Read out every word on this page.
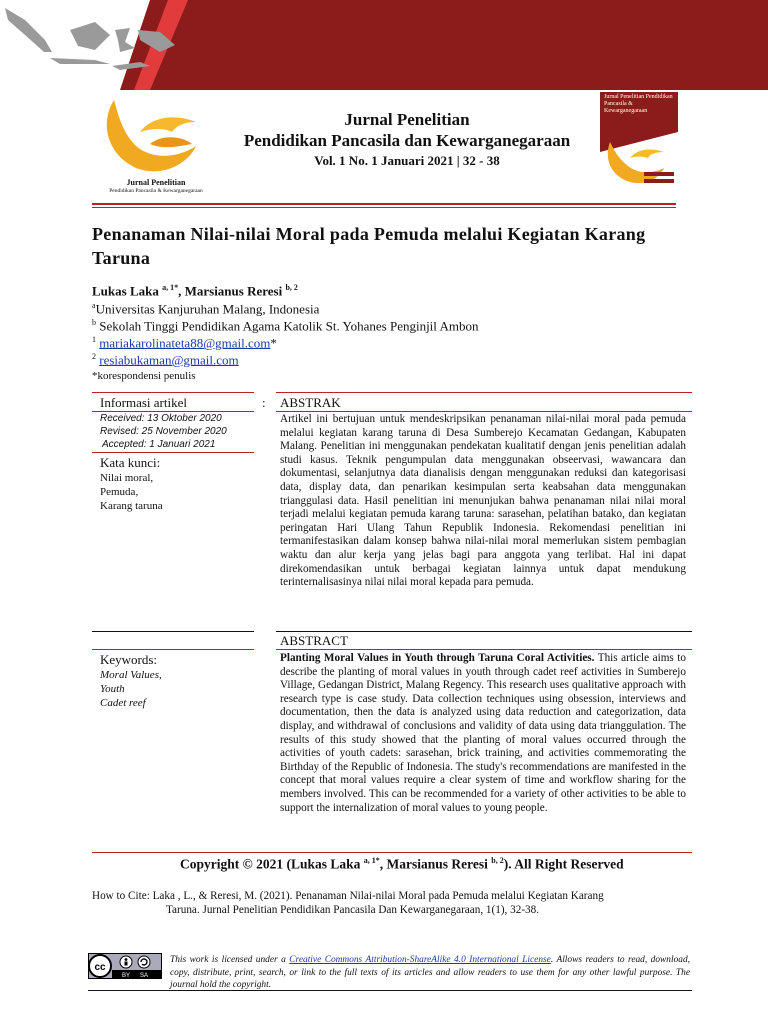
Jurnal Penelitian
Pendidikan Pancasila & Kewarganegaraan
Jurnal Penelitian
Pendidikan Pancasila dan Kewarganegaraan
Vol. 1 No. 1 Januari 2021 | 32 - 38
Jurnal Penelitian Pendidikan Pancasila & Kewarganegaraan
Penanaman Nilai-nilai Moral pada Pemuda melalui Kegiatan Karang Taruna
Lukas Laka $^{a, 1*}$, Marsianus Reresi $^{b, 2}$
$^a$Universitas Kanjuruhan Malang, Indonesia
$^b$ Sekolah Tinggi Pendidikan Agama Katolik St. Yohanes Penginjil Ambon
$^1$ mariakarolinateta88@gmail.com*
$^2$ resiabukaman@gmail.com
*korespondensi penulis
Informasi artikel	: ABSTRAK
Received: 13 Oktober 2020
Revised: 25 November 2020
Accepted: 1 Januari 2021
Kata kunci:
Nilai moral,
Pemuda,
Karang taruna
Artikel ini bertujuan untuk mendeskripsikan penanaman nilai-nilai moral pada pemuda melalui kegiatan karang taruna di Desa Sumberejo Kecamatan Gedangan, Kabupaten Malang. Penelitian ini menggunakan pendekatan kualitatif dengan jenis penelitian adalah studi kasus. Teknik pengumpulan data menggunakan obseervasi, wawancara dan dokumentasi, selanjutnya data dianalisis dengan menggunakan reduksi dan kategorisasi data, display data, dan penarikan kesimpulan serta keabsahan data menggunakan trianggulasi data. Hasil penelitian ini menunjukan bahwa penanaman nilai nilai moral terjadi melalui kegiatan pemuda karang taruna: sarasehan, pelatihan batako, dan kegiatan peringatan Hari Ulang Tahun Republik Indonesia. Rekomendasi penelitian ini termanifestasikan dalam konsep bahwa nilai-nilai moral memerlukan sistem pembagian waktu dan alur kerja yang jelas bagi para anggota yang terlibat. Hal ini dapat direkomendasikan untuk berbagai kegiatan lainnya untuk dapat mendukung terinternalisasinya nilai nilai moral kepada para pemuda.
ABSTRACT
Keywords:
Moral Values,
Youth
Cadet reef
Planting Moral Values in Youth through Taruna Coral Activities. This article aims to describe the planting of moral values in youth through cadet reef activities in Sumberejo Village, Gedangan District, Malang Regency. This research uses qualitative approach with research type is case study. Data collection techniques using obsession, interviews and documentation, then the data is analyzed using data reduction and categorization, data display, and withdrawal of conclusions and validity of data using data trianggulation. The results of this study showed that the planting of moral values occurred through the activities of youth cadets: sarasehan, brick training, and activities commemorating the Birthday of the Republic of Indonesia. The study's recommendations are manifested in the concept that moral values require a clear system of time and workflow sharing for the members involved. This can be recommended for a variety of other activities to be able to support the internalization of moral values to young people.
Copyright © 2021 (Lukas Laka $^{a, 1*}$, Marsianus Reresi $^{b, 2}$). All Right Reserved
How to Cite: Laka , L., & Reresi, M. (2021). Penanaman Nilai-nilai Moral pada Pemuda melalui Kegiatan Karang
Taruna. Jurnal Penelitian Pendidikan Pancasila Dan Kewarganegaraan, 1(1), 32-38.
cc
BY SA
This work is licensed under a Creative Commons Attribution-ShareAlike 4.0 International License. Allows readers to read, download, copy, distribute, print, search, or link to the full texts of its articles and allow readers to use them for any other lawful purpose. The journal hold the copyright.
